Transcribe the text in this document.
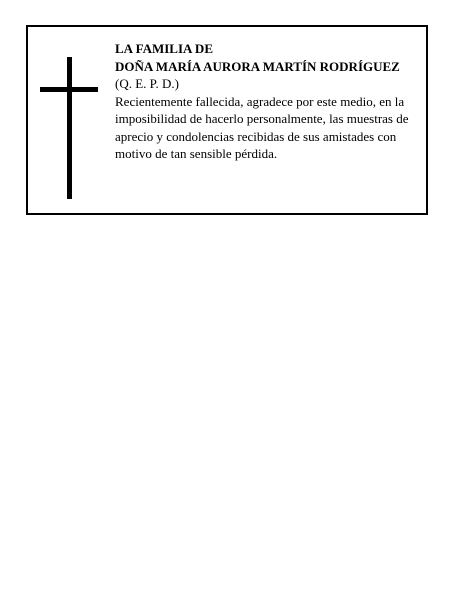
LA FAMILIA DE
DOÑA MARÍA AURORA MARTÍN RODRÍGUEZ
(Q. E. P. D.)

Recientemente fallecida, agradece por este medio, en la imposibilidad de hacerlo personalmente, las muestras de aprecio y condolencias recibidas de sus amistades con motivo de tan sensible pérdida.
